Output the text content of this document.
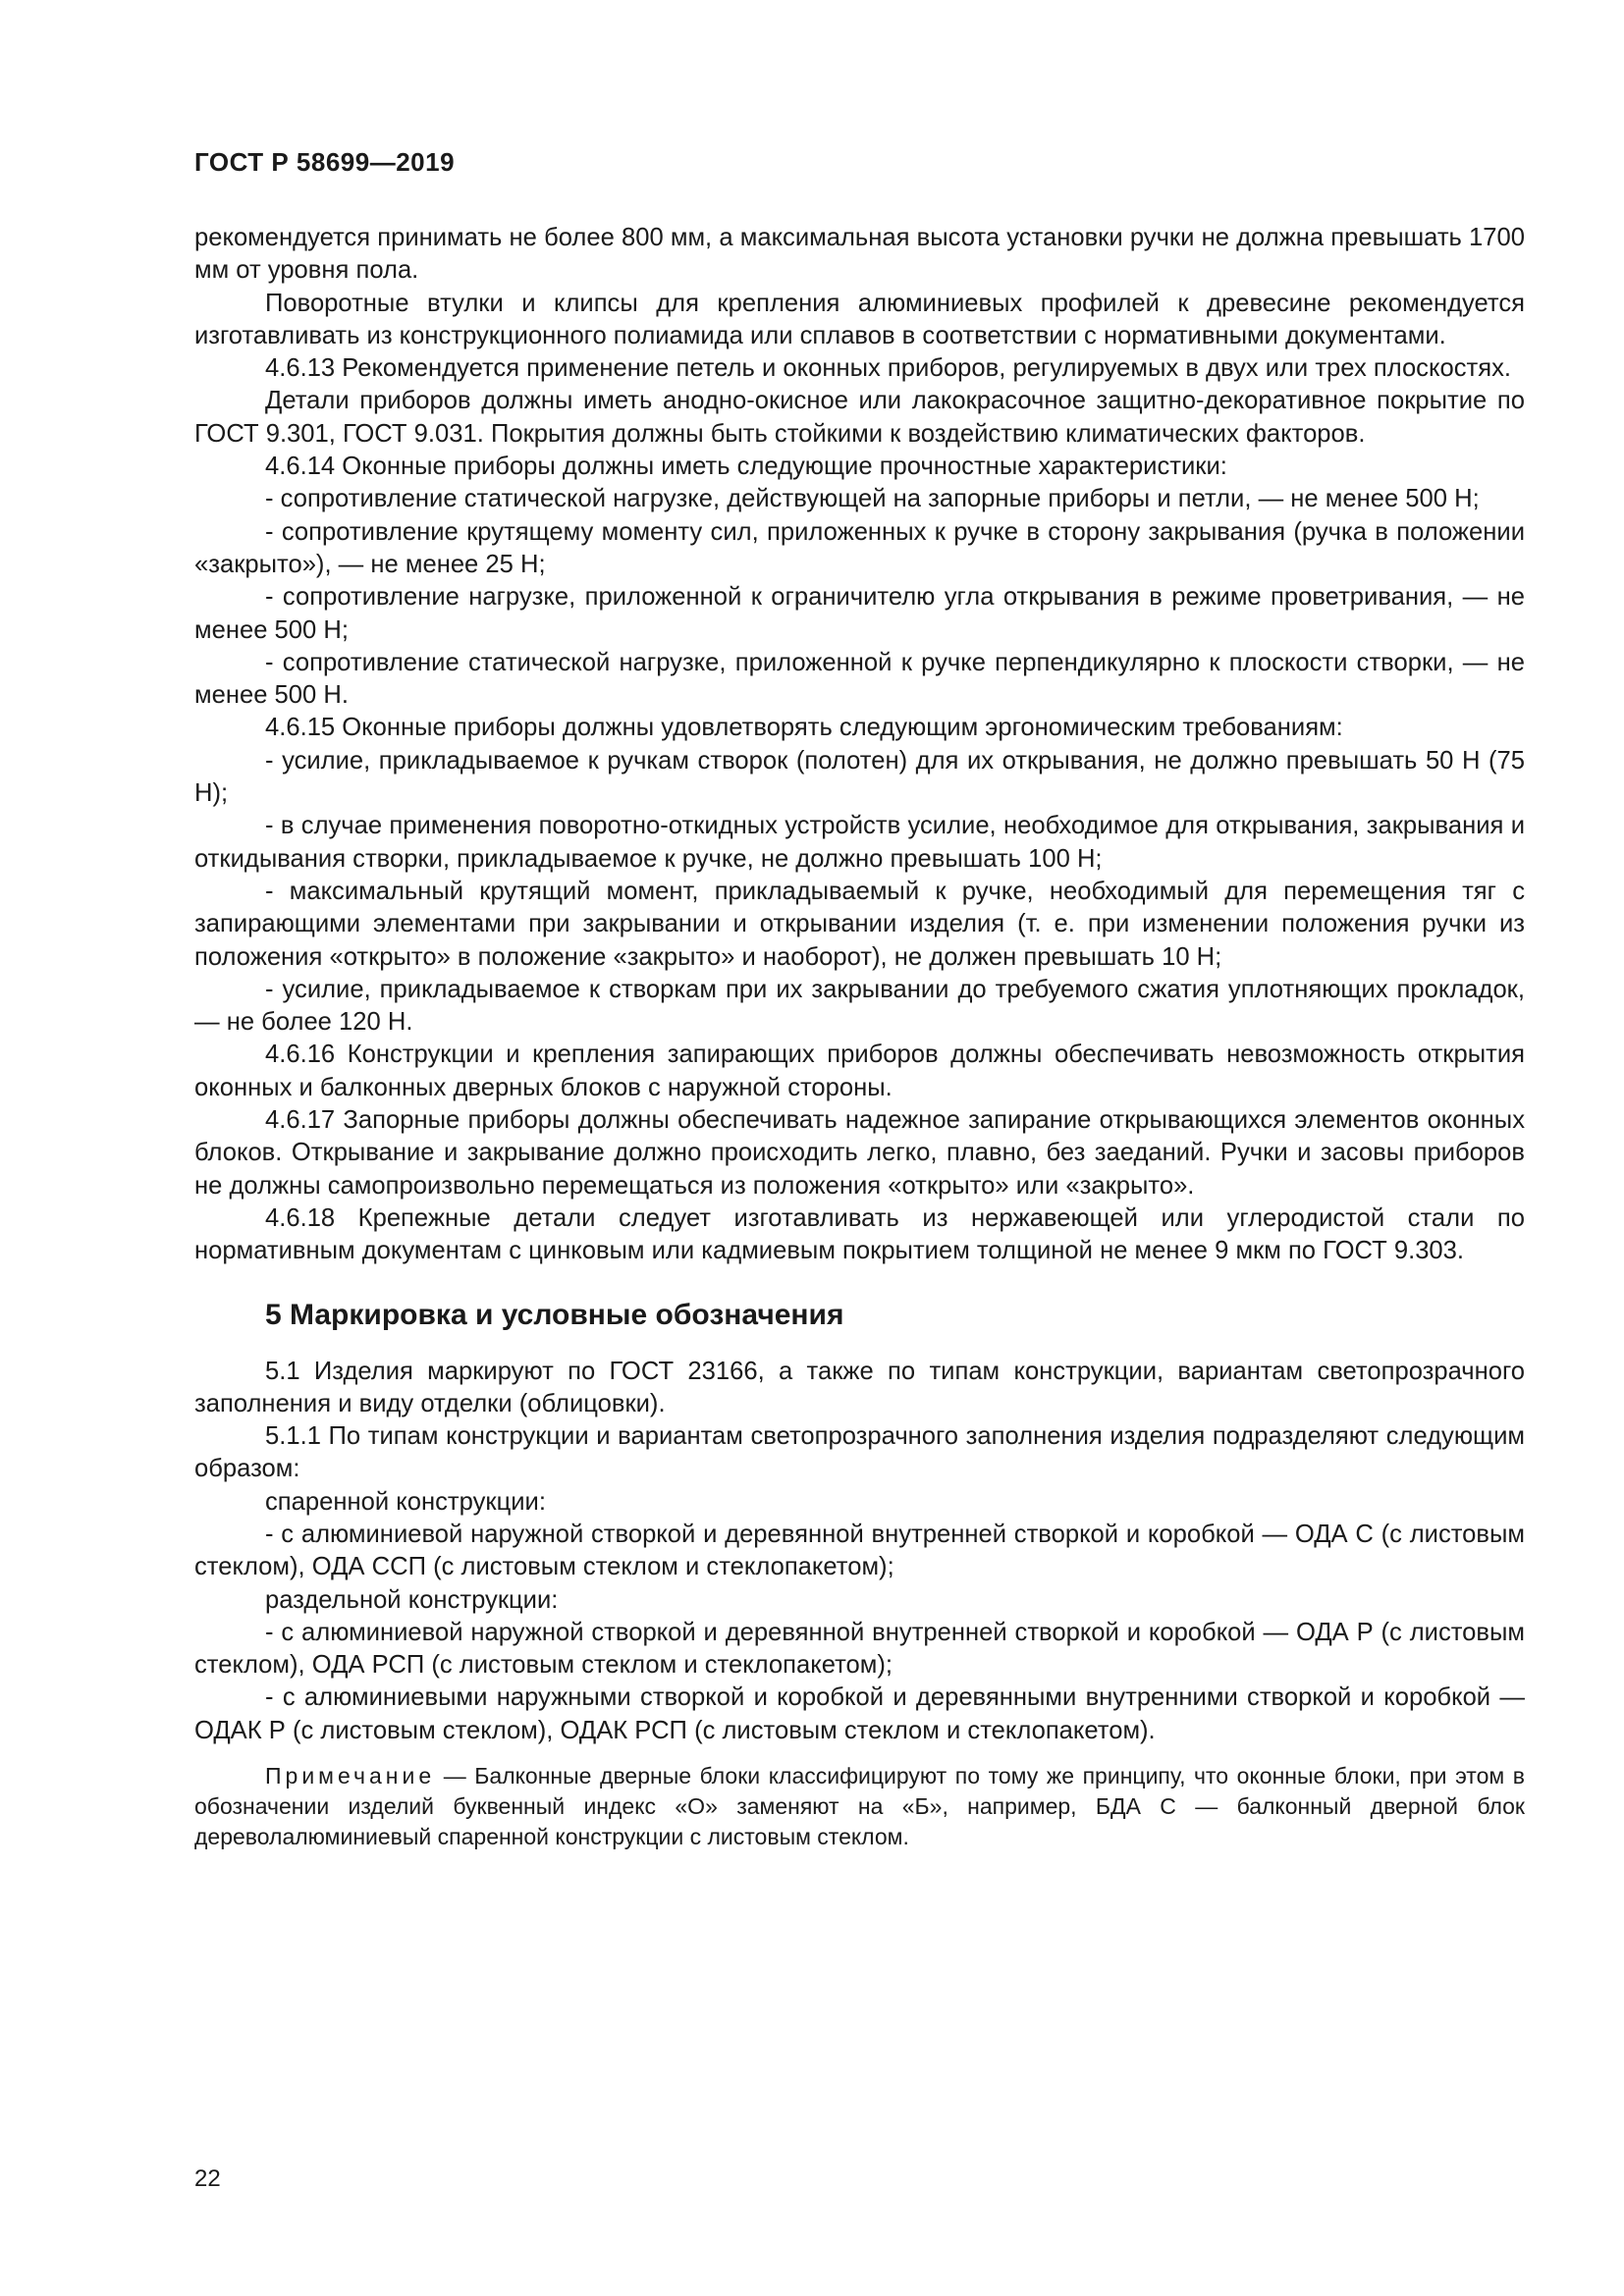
ГОСТ Р 58699—2019

рекомендуется принимать не более 800 мм, а максимальная высота установки ручки не должна превышать 1700 мм от уровня пола.

Поворотные втулки и клипсы для крепления алюминиевых профилей к древесине рекомендуется изготавливать из конструкционного полиамида или сплавов в соответствии с нормативными документами.

4.6.13 Рекомендуется применение петель и оконных приборов, регулируемых в двух или трех плоскостях.

Детали приборов должны иметь анодно-окисное или лакокрасочное защитно-декоративное покрытие по ГОСТ 9.301, ГОСТ 9.031. Покрытия должны быть стойкими к воздействию климатических факторов.

4.6.14 Оконные приборы должны иметь следующие прочностные характеристики:

- сопротивление статической нагрузке, действующей на запорные приборы и петли, — не менее 500 Н;

- сопротивление крутящему моменту сил, приложенных к ручке в сторону закрывания (ручка в положении «закрыто»), — не менее 25 Н;

- сопротивление нагрузке, приложенной к ограничителю угла открывания в режиме проветривания, — не менее 500 Н;

- сопротивление статической нагрузке, приложенной к ручке перпендикулярно к плоскости створки, — не менее 500 Н.

4.6.15 Оконные приборы должны удовлетворять следующим эргономическим требованиям:

- усилие, прикладываемое к ручкам створок (полотен) для их открывания, не должно превышать 50 Н (75 Н);

- в случае применения поворотно-откидных устройств усилие, необходимое для открывания, закрывания и откидывания створки, прикладываемое к ручке, не должно превышать 100 Н;

- максимальный крутящий момент, прикладываемый к ручке, необходимый для перемещения тяг с запирающими элементами при закрывании и открывании изделия (т. е. при изменении положения ручки из положения «открыто» в положение «закрыто» и наоборот), не должен превышать 10 Н;

- усилие, прикладываемое к створкам при их закрывании до требуемого сжатия уплотняющих прокладок, — не более 120 Н.

4.6.16 Конструкции и крепления запирающих приборов должны обеспечивать невозможность открытия оконных и балконных дверных блоков с наружной стороны.

4.6.17 Запорные приборы должны обеспечивать надежное запирание открывающихся элементов оконных блоков. Открывание и закрывание должно происходить легко, плавно, без заеданий. Ручки и засовы приборов не должны самопроизвольно перемещаться из положения «открыто» или «закрыто».

4.6.18 Крепежные детали следует изготавливать из нержавеющей или углеродистой стали по нормативным документам с цинковым или кадмиевым покрытием толщиной не менее 9 мкм по ГОСТ 9.303.

5 Маркировка и условные обозначения

5.1 Изделия маркируют по ГОСТ 23166, а также по типам конструкции, вариантам светопрозрачного заполнения и виду отделки (облицовки).

5.1.1 По типам конструкции и вариантам светопрозрачного заполнения изделия подразделяют следующим образом:

спаренной конструкции:

- с алюминиевой наружной створкой и деревянной внутренней створкой и коробкой — ОДА С (с листовым стеклом), ОДА ССП (с листовым стеклом и стеклопакетом);

раздельной конструкции:

- с алюминиевой наружной створкой и деревянной внутренней створкой и коробкой — ОДА Р (с листовым стеклом), ОДА РСП (с листовым стеклом и стеклопакетом);

- с алюминиевыми наружными створкой и коробкой и деревянными внутренними створкой и коробкой — ОДАК Р (с листовым стеклом), ОДАК РСП (с листовым стеклом и стеклопакетом).

Примечание — Балконные дверные блоки классифицируют по тому же принципу, что оконные блоки, при этом в обозначении изделий буквенный индекс «О» заменяют на «Б», например, БДА С — балконный дверной блок дереволалюминиевый спаренной конструкции с листовым стеклом.

22
